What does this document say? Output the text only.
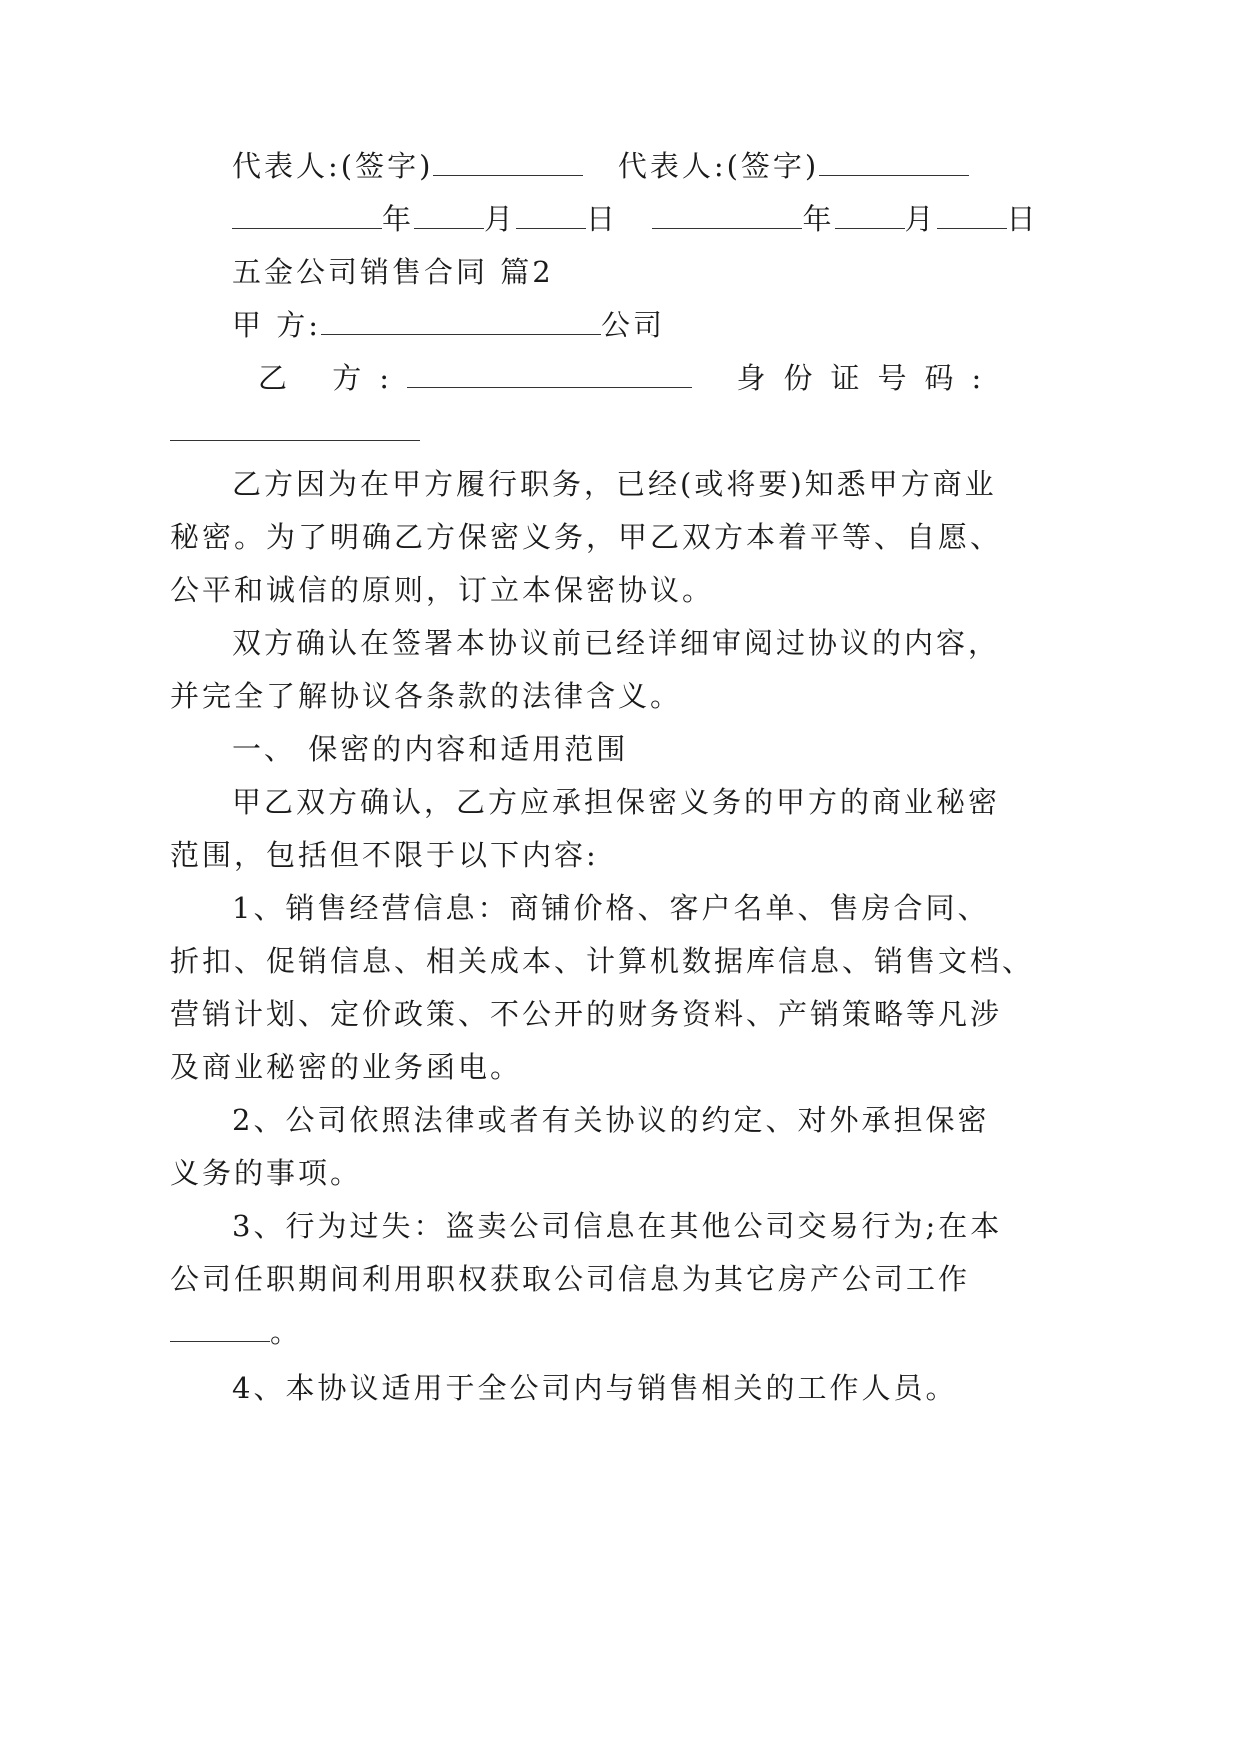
代表人:(签字)	代表人:(签字)
年 月 日	年 月 日
五金公司销售合同 篇2
甲 方:	公司
乙 方:	身份证号码:
乙方因为在甲方履行职务，已经(或将要)知悉甲方商业
秘密。为了明确乙方保密义务，甲乙双方本着平等、自愿、
公平和诚信的原则，订立本保密协议。
双方确认在签署本协议前已经详细审阅过协议的内容，
并完全了解协议各条款的法律含义。
一、 保密的内容和适用范围
甲乙双方确认，乙方应承担保密义务的甲方的商业秘密
范围，包括但不限于以下内容:
1、销售经营信息：商铺价格、客户名单、售房合同、
折扣、促销信息、相关成本、计算机数据库信息、销售文档、
营销计划、定价政策、不公开的财务资料、产销策略等凡涉
及商业秘密的业务函电。
2、公司依照法律或者有关协议的约定、对外承担保密
义务的事项。
3、行为过失：盗卖公司信息在其他公司交易行为;在本
公司任职期间利用职权获取公司信息为其它房产公司工作
。
4、本协议适用于全公司内与销售相关的工作人员。
